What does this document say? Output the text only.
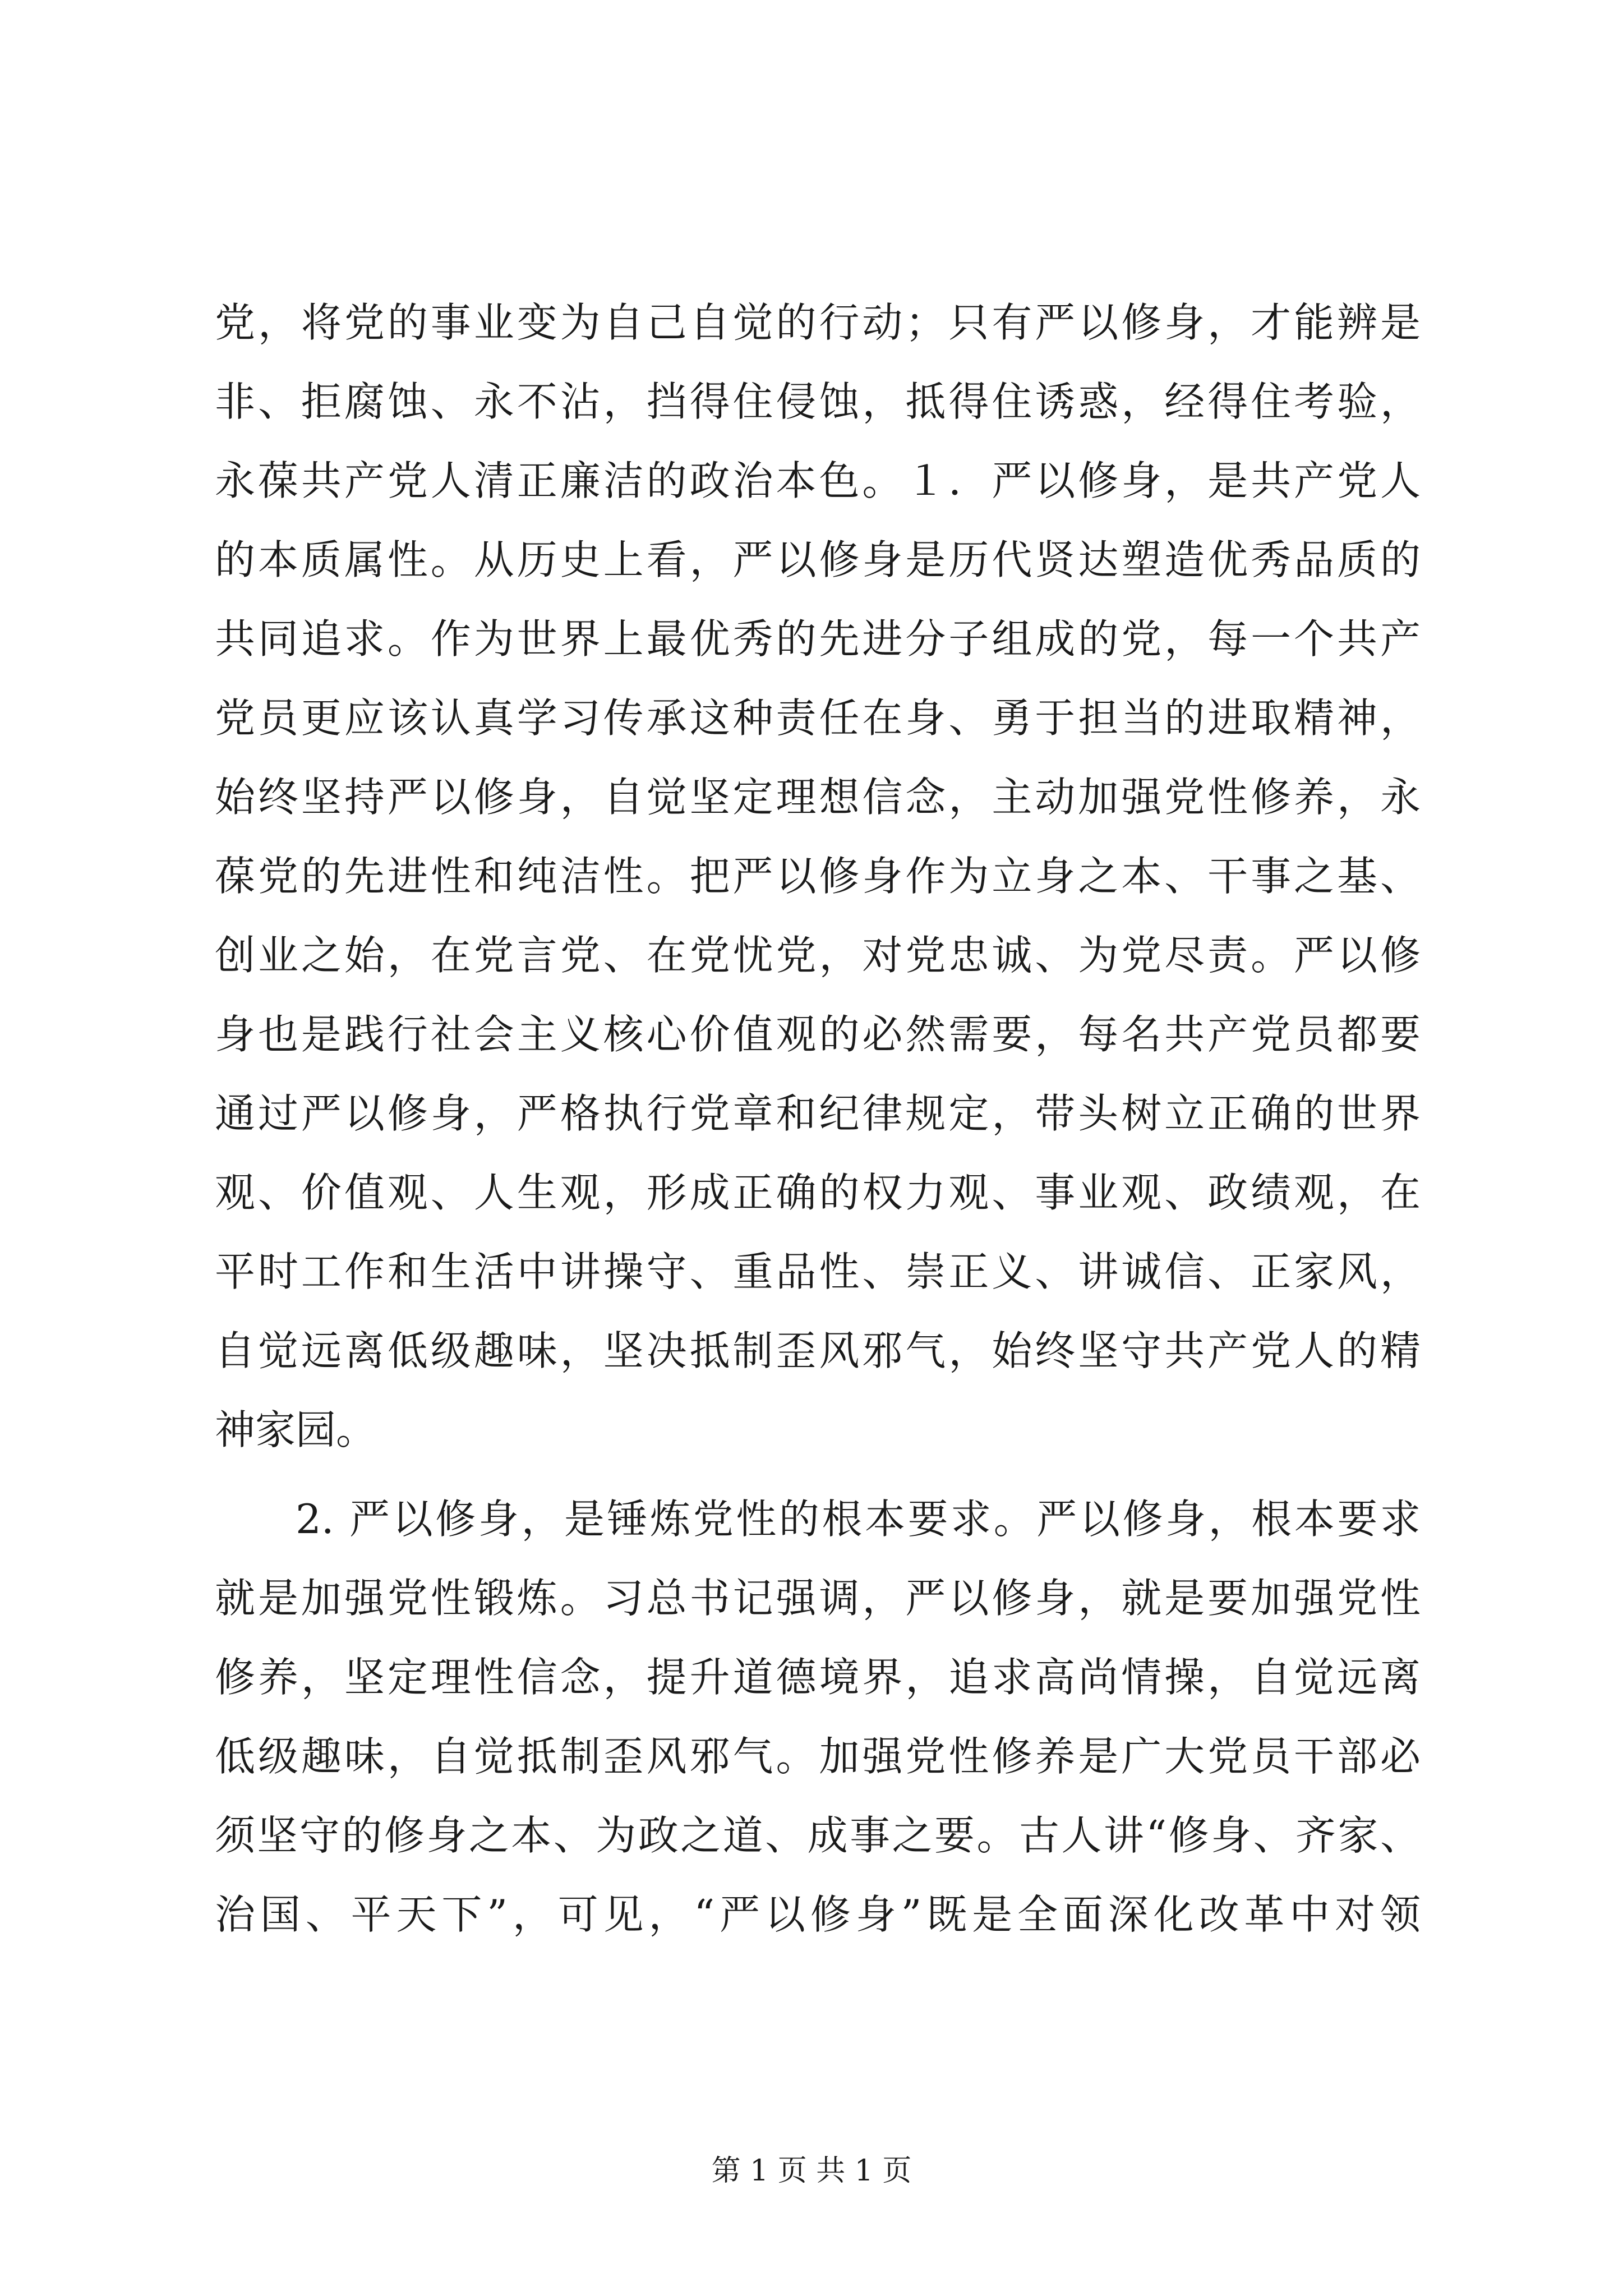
党，将党的事业变为自己自觉的行动；只有严以修身，才能辨是
非、拒腐蚀、永不沾，挡得住侵蚀，抵得住诱惑，经得住考验，
永葆共产党人清正廉洁的政治本色。１．严以修身，是共产党人
的本质属性。从历史上看，严以修身是历代贤达塑造优秀品质的
共同追求。作为世界上最优秀的先进分子组成的党，每一个共产
党员更应该认真学习传承这种责任在身、勇于担当的进取精神，
始终坚持严以修身，自觉坚定理想信念，主动加强党性修养，永
葆党的先进性和纯洁性。把严以修身作为立身之本、干事之基、
创业之始，在党言党、在党忧党，对党忠诚、为党尽责。严以修
身也是践行社会主义核心价值观的必然需要，每名共产党员都要
通过严以修身，严格执行党章和纪律规定，带头树立正确的世界
观、价值观、人生观，形成正确的权力观、事业观、政绩观，在
平时工作和生活中讲操守、重品性、崇正义、讲诚信、正家风，
自觉远离低级趣味，坚决抵制歪风邪气，始终坚守共产党人的精
神家园。
2. 严以修身，是锤炼党性的根本要求。严以修身，根本要求
就是加强党性锻炼。习总书记强调，严以修身，就是要加强党性
修养，坚定理性信念，提升道德境界，追求高尚情操，自觉远离
低级趣味，自觉抵制歪风邪气。加强党性修养是广大党员干部必
须坚守的修身之本、为政之道、成事之要。古人讲“修身、齐家、
治国、平天下”，可见，“严以修身”既是全面深化改革中对领
第 1 页 共 1 页
